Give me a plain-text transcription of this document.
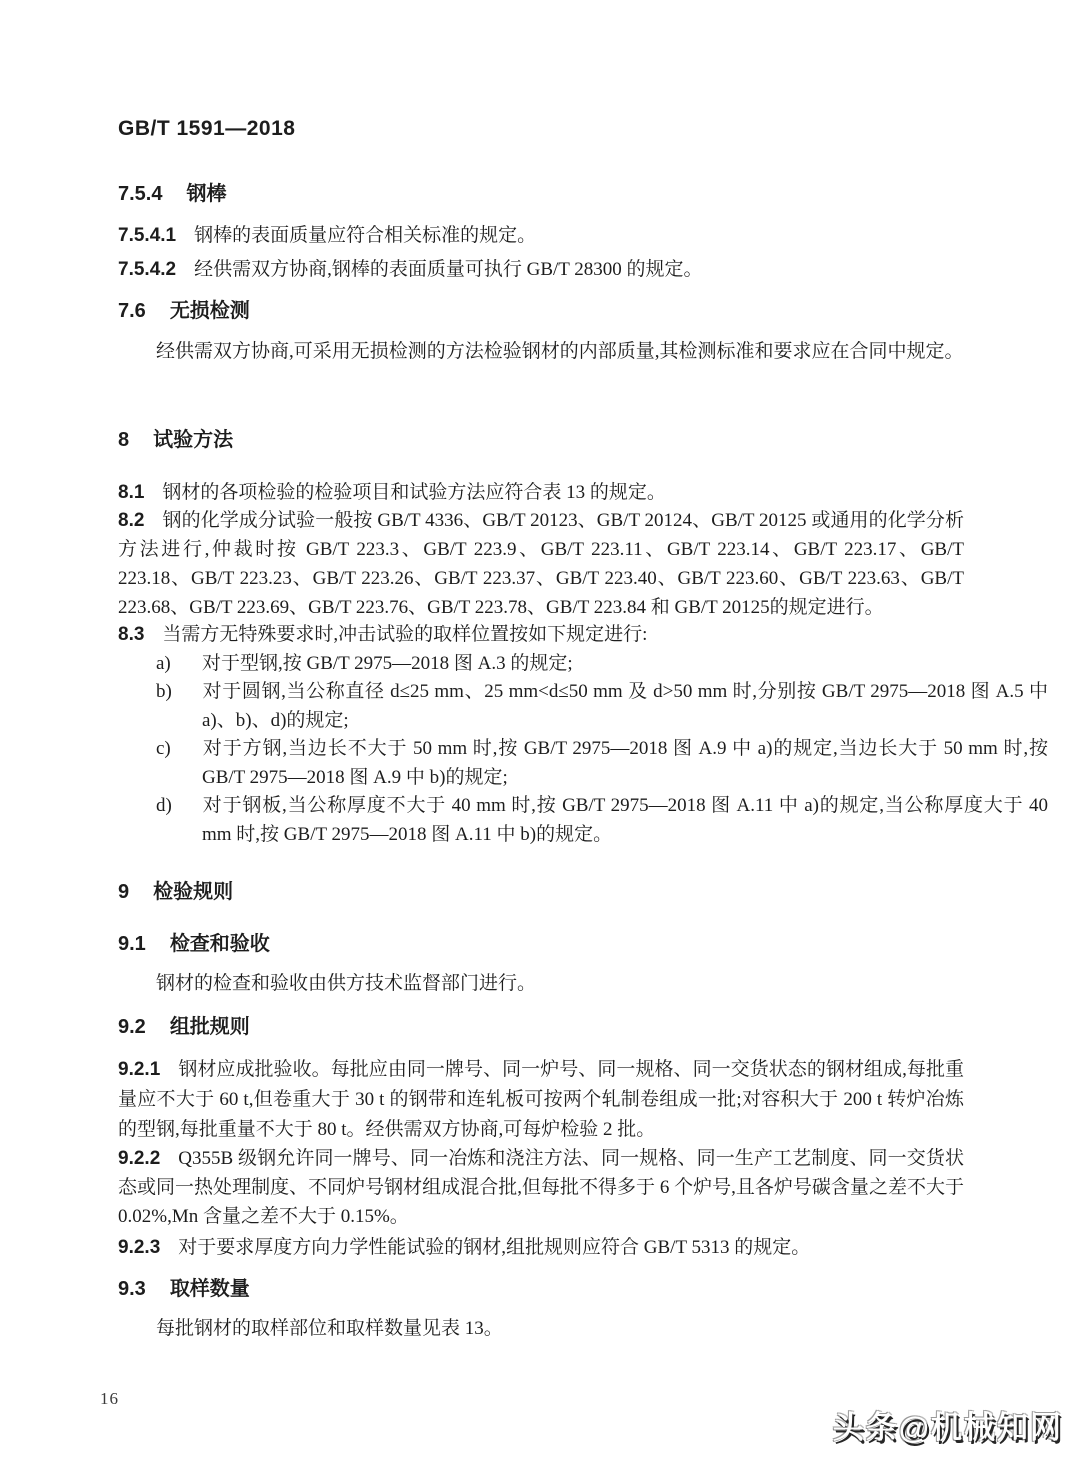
GB/T 1591—2018
7.5.4 钢棒
7.5.4.1 钢棒的表面质量应符合相关标准的规定。
7.5.4.2 经供需双方协商,钢棒的表面质量可执行 GB/T 28300 的规定。
7.6 无损检测
经供需双方协商,可采用无损检测的方法检验钢材的内部质量,其检测标准和要求应在合同中规定。
8 试验方法
8.1 钢材的各项检验的检验项目和试验方法应符合表 13 的规定。
8.2 钢的化学成分试验一般按 GB/T 4336、GB/T 20123、GB/T 20124、GB/T 20125 或通用的化学分析方法进行,仲裁时按 GB/T 223.3、GB/T 223.9、GB/T 223.11、GB/T 223.14、GB/T 223.17、GB/T 223.18、GB/T 223.23、GB/T 223.26、GB/T 223.37、GB/T 223.40、GB/T 223.60、GB/T 223.63、GB/T 223.68、GB/T 223.69、GB/T 223.76、GB/T 223.78、GB/T 223.84 和 GB/T 20125的规定进行。
8.3 当需方无特殊要求时,冲击试验的取样位置按如下规定进行:
a) 对于型钢,按 GB/T 2975—2018 图 A.3 的规定;
b) 对于圆钢,当公称直径 d≤25 mm、25 mm<d≤50 mm 及 d>50 mm 时,分别按 GB/T 2975—2018 图 A.5 中 a)、b)、d)的规定;
c) 对于方钢,当边长不大于 50 mm 时,按 GB/T 2975—2018 图 A.9 中 a)的规定,当边长大于 50 mm 时,按 GB/T 2975—2018 图 A.9 中 b)的规定;
d) 对于钢板,当公称厚度不大于 40 mm 时,按 GB/T 2975—2018 图 A.11 中 a)的规定,当公称厚度大于 40 mm 时,按 GB/T 2975—2018 图 A.11 中 b)的规定。
9 检验规则
9.1 检查和验收
钢材的检查和验收由供方技术监督部门进行。
9.2 组批规则
9.2.1 钢材应成批验收。每批应由同一牌号、同一炉号、同一规格、同一交货状态的钢材组成,每批重量应不大于 60 t,但卷重大于 30 t 的钢带和连轧板可按两个轧制卷组成一批;对容积大于 200 t 转炉冶炼的型钢,每批重量不大于 80 t。经供需双方协商,可每炉检验 2 批。
9.2.2 Q355B 级钢允许同一牌号、同一冶炼和浇注方法、同一规格、同一生产工艺制度、同一交货状态或同一热处理制度、不同炉号钢材组成混合批,但每批不得多于 6 个炉号,且各炉号碳含量之差不大于 0.02%,Mn 含量之差不大于 0.15%。
9.2.3 对于要求厚度方向力学性能试验的钢材,组批规则应符合 GB/T 5313 的规定。
9.3 取样数量
每批钢材的取样部位和取样数量见表 13。
16
头条@机械知网
